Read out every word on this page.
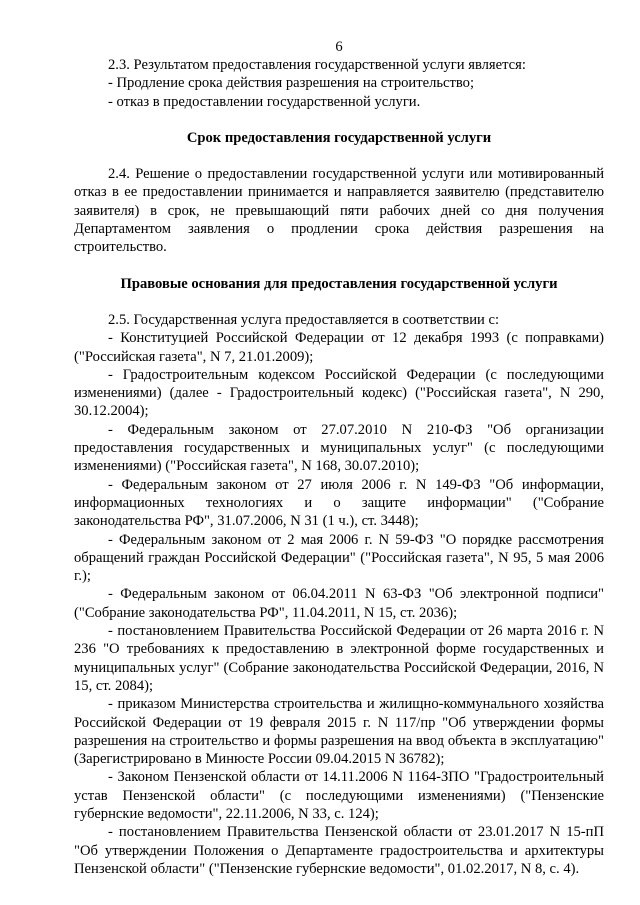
6

2.3. Результатом предоставления государственной услуги является:

- Продление срока действия разрешения на строительство;

- отказ в предоставлении государственной услуги.

Срок предоставления государственной услуги

2.4. Решение о предоставлении государственной услуги или мотивированный отказ в ее предоставлении принимается и направляется заявителю (представителю заявителя) в срок, не превышающий пяти рабочих дней со дня получения Департаментом заявления о продлении срока действия разрешения на строительство.

Правовые основания для предоставления государственной услуги

2.5. Государственная услуга предоставляется в соответствии с:

- Конституцией Российской Федерации от 12 декабря 1993 (с поправками) ("Российская газета", N 7, 21.01.2009);

- Градостроительным кодексом Российской Федерации (с последующими изменениями) (далее - Градостроительный кодекс) ("Российская газета", N 290, 30.12.2004);

- Федеральным законом от 27.07.2010 N 210-ФЗ "Об организации предоставления государственных и муниципальных услуг" (с последующими изменениями) ("Российская газета", N 168, 30.07.2010);

- Федеральным законом от 27 июля 2006 г. N 149-ФЗ "Об информации, информационных технологиях и о защите информации" ("Собрание законодательства РФ", 31.07.2006, N 31 (1 ч.), ст. 3448);

- Федеральным законом от 2 мая 2006 г. N 59-ФЗ "О порядке рассмотрения обращений граждан Российской Федерации" ("Российская газета", N 95, 5 мая 2006 г.);

- Федеральным законом от 06.04.2011 N 63-ФЗ "Об электронной подписи" ("Собрание законодательства РФ", 11.04.2011, N 15, ст. 2036);

- постановлением Правительства Российской Федерации от 26 марта 2016 г. N 236 "О требованиях к предоставлению в электронной форме государственных и муниципальных услуг" (Собрание законодательства Российской Федерации, 2016, N 15, ст. 2084);

- приказом Министерства строительства и жилищно-коммунального хозяйства Российской Федерации от 19 февраля 2015 г. N 117/пр "Об утверждении формы разрешения на строительство и формы разрешения на ввод объекта в эксплуатацию" (Зарегистрировано в Минюсте России 09.04.2015 N 36782);

- Законом Пензенской области от 14.11.2006 N 1164-ЗПО "Градостроительный устав Пензенской области" (с последующими изменениями) ("Пензенские губернские ведомости", 22.11.2006, N 33, с. 124);

- постановлением Правительства Пензенской области от 23.01.2017 N 15-пП "Об утверждении Положения о Департаменте градостроительства и архитектуры Пензенской области" ("Пензенские губернские ведомости", 01.02.2017, N 8, с. 4).
